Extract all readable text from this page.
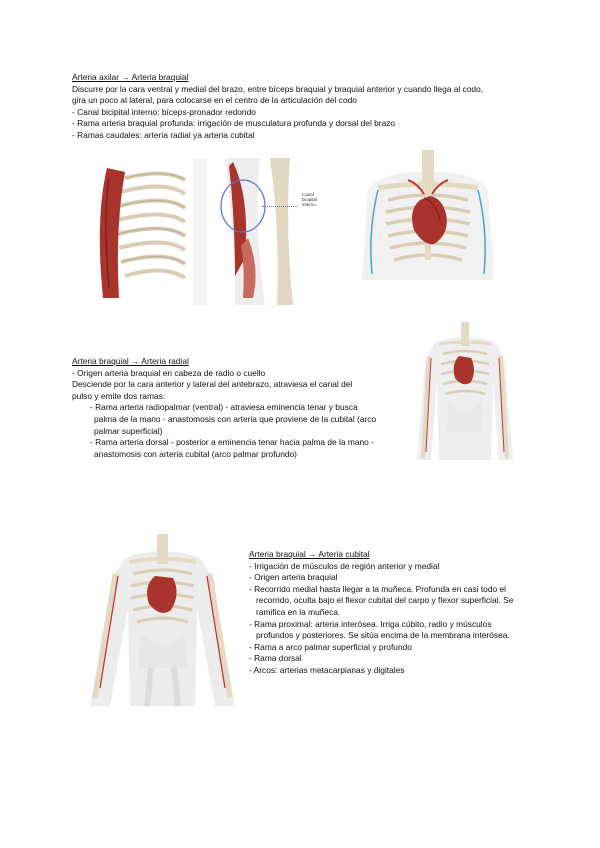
Arteria axilar → Arteria braquial

Discurre por la cara ventral y medial del brazo, entre bíceps braquial y braquial anterior y cuando llega al codo,

gira un poco al lateral, para colocarse en el centro de la articulación del codo

- Canal bicipital interno: bíceps-pronador redondo

- Rama arteria braquial profunda: irrigación de musculatura profunda y dorsal del brazo

- Ramas caudales: arteria radial ya arteria cubital

Canal
bicipital
interno

Arteria braquial → Arteria radial

- Origen arteria braquial en cabeza de radio o cuello

Desciende por la cara anterior y lateral del antebrazo, atraviesa el canal del

pulso y emite dos ramas:

- Rama arteria radiopalmar (ventral) - atraviesa eminencia tenar y busca palma de la mano - anastomosis con arteria que proviene de la cubital (arco palmar superficial)

- Rama arteria dorsal - posterior a eminencia tenar hacia palma de la mano - anastomosis con arteria cubital (arco palmar profundo)

Arteria braquial → Arteria cubital

- Irrigación de músculos de región anterior y medial

- Origen arteria braquial

- Recorrido medial hasta llegar a la muñeca. Profunda en casi todo el recorrido, oculta bajo el flexor cubital del carpo y flexor superficial. Se ramifica en la muñeca.

- Rama proximal: arteria interósea. Irriga cúbito, radio y músculos profundos y posteriores. Se sitúa encima de la membrana interósea.

- Rama a arco palmar superficial y profundo

- Rama dorsal

- Arcos: arterias metacarpianas y digitales
